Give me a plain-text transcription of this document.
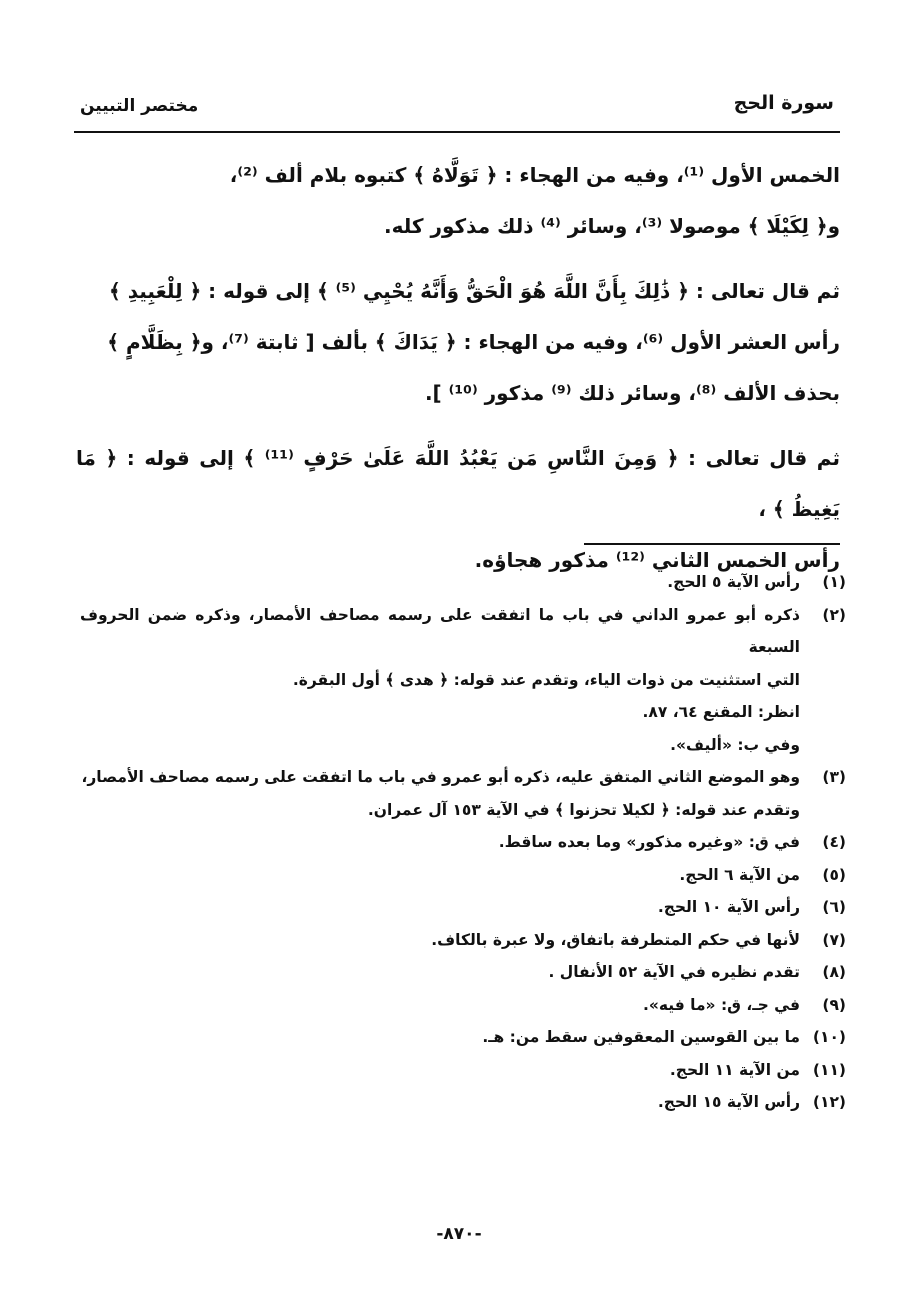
سورة الحج
مختصر التبيين

الخمس الأول ⁽¹⁾، وفيه من الهجاء : ﴿ تَوَلَّاهُ ﴾ كتبوه بلام ألف ⁽²⁾،
و﴿ لِكَيْلَا ﴾ موصولا ⁽³⁾، وسائر ⁽⁴⁾ ذلك مذكور كله.

ثم قال تعالى : ﴿ ذَٰلِكَ بِأَنَّ اللَّهَ هُوَ الْحَقُّ وَأَنَّهُ يُحْيِي ⁽⁵⁾ ﴾ إلى قوله : ﴿ لِلْعَبِيدِ ﴾
رأس العشر الأول ⁽⁶⁾، وفيه من الهجاء : ﴿ يَدَاكَ ﴾ بألف [ ثابتة ⁽⁷⁾، و﴿ بِظَلَّامٍ ﴾
بحذف الألف ⁽⁸⁾، وسائر ذلك ⁽⁹⁾ مذكور ⁽¹⁰⁾ ].

ثم قال تعالى : ﴿ وَمِنَ النَّاسِ مَن يَعْبُدُ اللَّهَ عَلَىٰ حَرْفٍ ⁽¹¹⁾ ﴾ إلى قوله : ﴿ مَا يَغِيظُ ﴾ ،
رأس الخمس الثاني ⁽¹²⁾ مذكور هجاؤه.

(١)
رأس الآية ٥ الحج.
(٢)
ذكره أبو عمرو الداني في باب ما اتفقت على رسمه مصاحف الأمصار، وذكره ضمن الحروف السبعة
التي استثنيت من ذوات الياء، وتقدم عند قوله: ﴿ هدى ﴾ أول البقرة.
انظر: المقنع ٦٤، ٨٧.
وفي ب: «أليف».
(٣)
وهو الموضع الثاني المتفق عليه، ذكره أبو عمرو في باب ما اتفقت على رسمه مصاحف الأمصار،
وتقدم عند قوله: ﴿ لكيلا تحزنوا ﴾ في الآية ١٥٣ آل عمران.
(٤)
في ق: «وغيره مذكور» وما بعده ساقط.
(٥)
من الآية ٦ الحج.
(٦)
رأس الآية ١٠ الحج.
(٧)
لأنها في حكم المتطرفة باتفاق، ولا عبرة بالكاف.
(٨)
تقدم نظيره في الآية ٥٢ الأنفال .
(٩)
في جـ، ق: «ما فيه».
(١٠)
ما بين القوسين المعقوفين سقط من: هـ.
(١١)
من الآية ١١ الحج.
(١٢)
رأس الآية ١٥ الحج.
-٨٧٠-
